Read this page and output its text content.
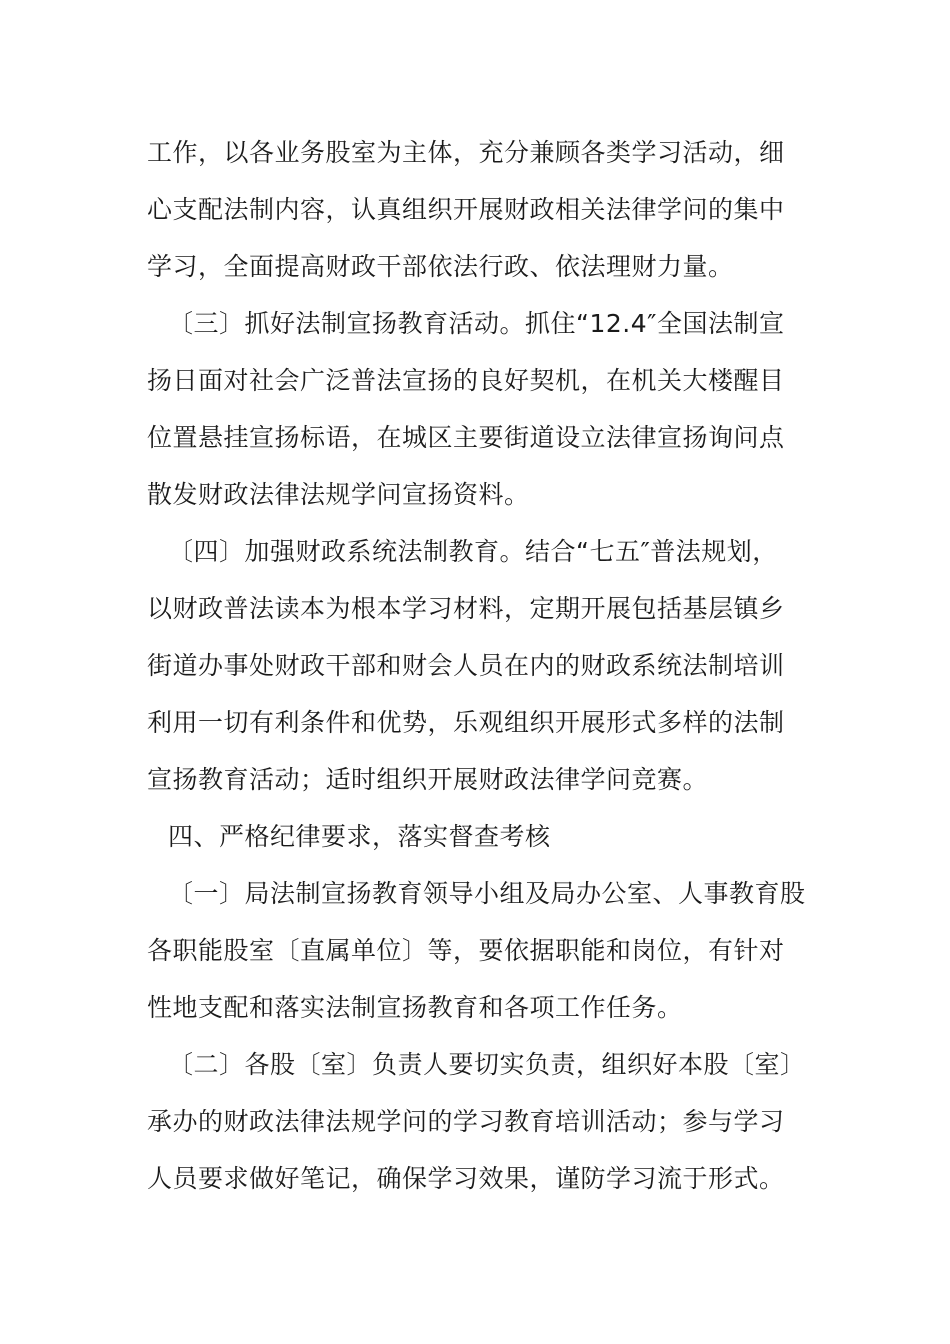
工作，以各业务股室为主体，充分兼顾各类学习活动，细
心支配法制内容，认真组织开展财政相关法律学问的集中
学习，全面提高财政干部依法行政、依法理财力量。
〔三〕抓好法制宣扬教育活动。抓住“12.4″全国法制宣
扬日面对社会广泛普法宣扬的良好契机，在机关大楼醒目
位置悬挂宣扬标语，在城区主要街道设立法律宣扬询问点
散发财政法律法规学问宣扬资料。
〔四〕加强财政系统法制教育。结合“七五″普法规划，
以财政普法读本为根本学习材料，定期开展包括基层镇乡
街道办事处财政干部和财会人员在内的财政系统法制培训
利用一切有利条件和优势，乐观组织开展形式多样的法制
宣扬教育活动；适时组织开展财政法律学问竞赛。
四、严格纪律要求，落实督查考核
〔一〕局法制宣扬教育领导小组及局办公室、人事教育股
各职能股室〔直属单位〕等，要依据职能和岗位，有针对
性地支配和落实法制宣扬教育和各项工作任务。
〔二〕各股〔室〕负责人要切实负责，组织好本股〔室〕
承办的财政法律法规学问的学习教育培训活动；参与学习
人员要求做好笔记，确保学习效果，谨防学习流于形式。
